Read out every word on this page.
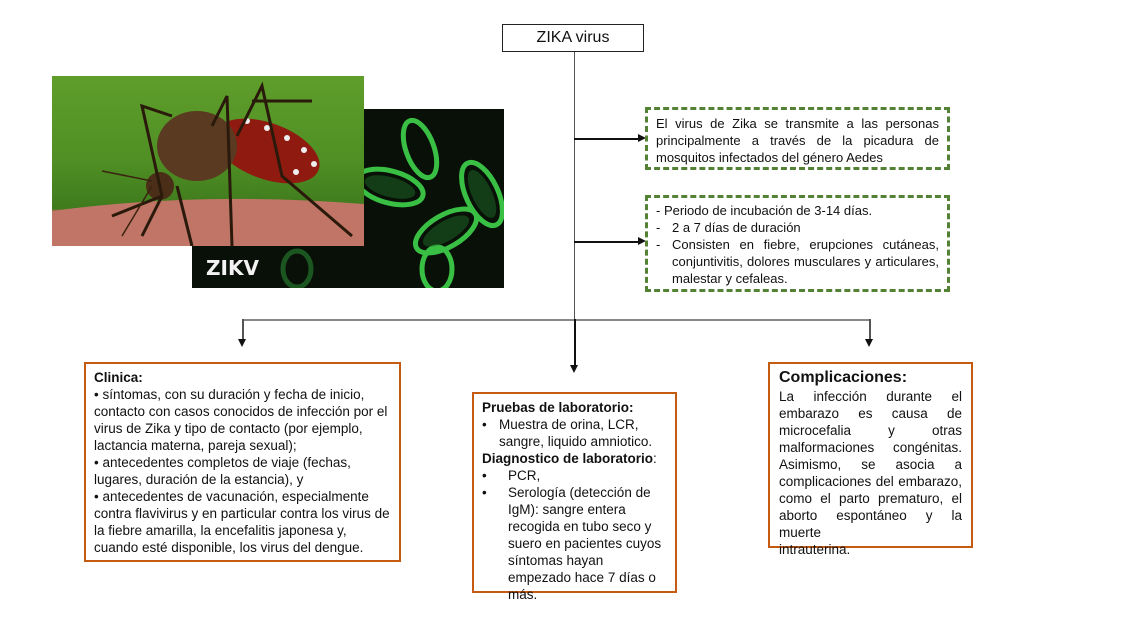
ZIKA virus
ZIKV
El virus de Zika se transmite a las personas
principalmente a través de la picadura de
mosquitos infectados del género Aedes
- Periodo de incubación de 3-14 días.
- 2 a 7 días de duración
- Consisten en fiebre, erupciones cutáneas, conjuntivitis, dolores musculares y articulares, malestar y cefaleas.
Clinica:
• síntomas, con su duración y fecha de inicio, contacto con casos conocidos de infección por el virus de Zika y tipo de contacto (por ejemplo, lactancia materna, pareja sexual);
• antecedentes completos de viaje (fechas, lugares, duración de la estancia), y
• antecedentes de vacunación, especialmente contra flavivirus y en particular contra los virus de la fiebre amarilla, la encefalitis japonesa y, cuando esté disponible, los virus del dengue.
Pruebas de laboratorio:
• Muestra de orina, LCR, sangre, liquido amniotico.
Diagnostico de laboratorio:
•	PCR,
•	Serología (detección de IgM): sangre entera recogida en tubo seco y suero en pacientes cuyos síntomas hayan empezado hace 7 días o más.
Complicaciones:
La infección durante el
embarazo es causa de
microcefalia y otras
malformaciones congénitas.
Asimismo, se asocia a
complicaciones del embarazo,
como el parto prematuro, el
aborto espontáneo y la muerte
intrauterina.
